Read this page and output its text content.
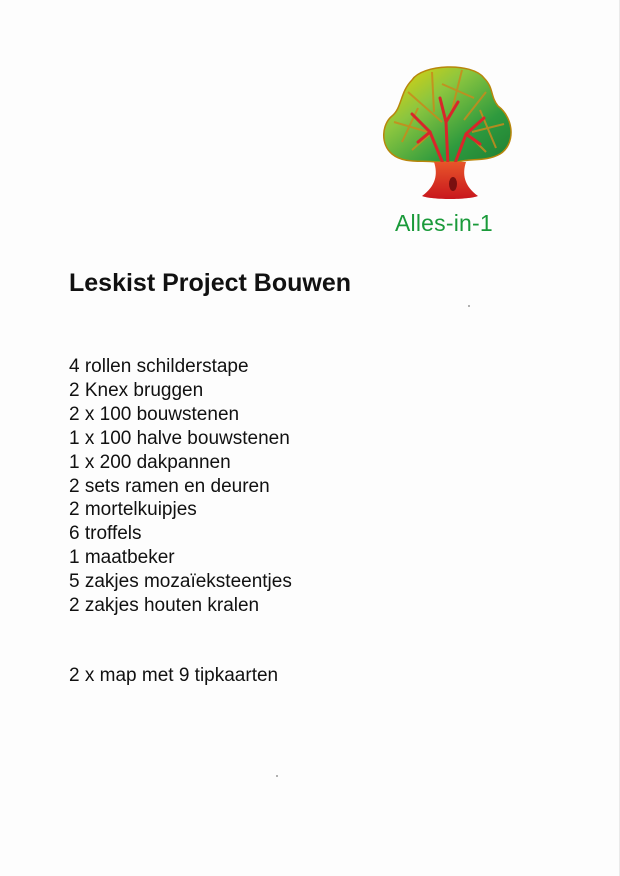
Alles-in-1
Leskist Project Bouwen
4 rollen schilderstape
2 Knex bruggen
2 x 100 bouwstenen
1 x 100 halve bouwstenen
1 x 200 dakpannen
2 sets ramen en deuren
2 mortelkuipjes
6 troffels
1 maatbeker
5 zakjes mozaïeksteentjes
2 zakjes houten kralen

2 x map met 9 tipkaarten
